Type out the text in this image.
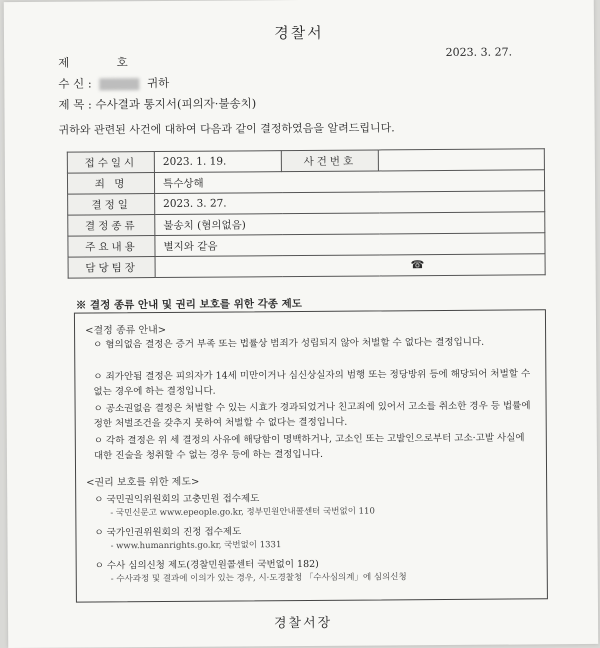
경찰서
2023. 3. 27.
제	호
수 신 :	귀하
제 목 : 수사결과 통지서(피의자·불송치)
귀하와 관련된 사건에 대하여 다음과 같이 결정하였음을 알려드립니다.
접수일시	2023. 1. 19.	사건번호	
죄 명	특수상해		
결정일	2023. 3. 27.		
결정종류	불송치 (혐의없음)		
주요내용	별지와 같음		
담당팀장	☎		
※ 결정 종류 안내 및 권리 보호를 위한 각종 제도
<결정 종류 안내>
ㅇ 혐의없음 결정은 증거 부족 또는 법률상 범죄가 성립되지 않아 처벌할 수 없다는 결정입니다.
ㅇ 죄가안됨 결정은 피의자가 14세 미만이거나 심신상실자의 범행 또는 정당방위 등에 해당되어 처벌할 수 없는 경우에 하는 결정입니다.
ㅇ 공소권없음 결정은 처벌할 수 있는 시효가 경과되었거나 친고죄에 있어서 고소를 취소한 경우 등 법률에 정한 처벌조건을 갖추지 못하여 처벌할 수 없다는 결정입니다.
ㅇ 각하 결정은 위 세 결정의 사유에 해당함이 명백하거나, 고소인 또는 고발인으로부터 고소·고발 사실에 대한 진술을 청취할 수 없는 경우 등에 하는 결정입니다.
<권리 보호를 위한 제도>
ㅇ 국민권익위원회의 고충민원 접수제도
- 국민신문고 www.epeople.go.kr, 정부민원안내콜센터 국번없이 110
ㅇ 국가인권위원회의 진정 접수제도
- www.humanrights.go.kr, 국번없이 1331
ㅇ 수사 심의신청 제도(경찰민원콜센터 국번없이 182)
- 수사과정 및 결과에 이의가 있는 경우, 시·도경찰청 「수사심의계」에 심의신청
경찰서장
